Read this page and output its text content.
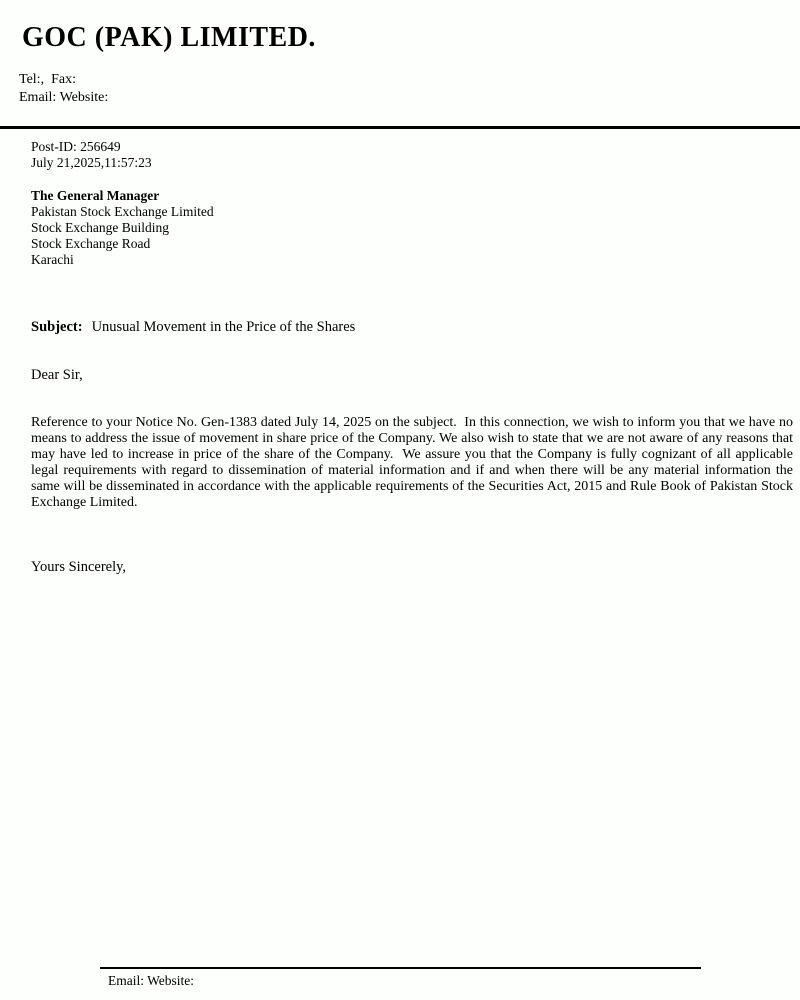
GOC (PAK) LIMITED.
Tel:,  Fax:
Email: Website:
Post-ID: 256649
July 21,2025,11:57:23
The General Manager
Pakistan Stock Exchange Limited
Stock Exchange Building
Stock Exchange Road
Karachi
Subject: Unusual Movement in the Price of the Shares
Dear Sir,

Reference to your Notice No. Gen-1383 dated July 14, 2025 on the subject.  In this connection, we wish to inform you that we have no means to address the issue of movement in share price of the Company. We also wish to state that we are not aware of any reasons that may have led to increase in price of the share of the Company.  We assure you that the Company is fully cognizant of all applicable legal requirements with regard to dissemination of material information and if and when there will be any material information the same will be disseminated in accordance with the applicable requirements of the Securities Act, 2015 and Rule Book of Pakistan Stock Exchange Limited.

Yours Sincerely,
Email: Website:
